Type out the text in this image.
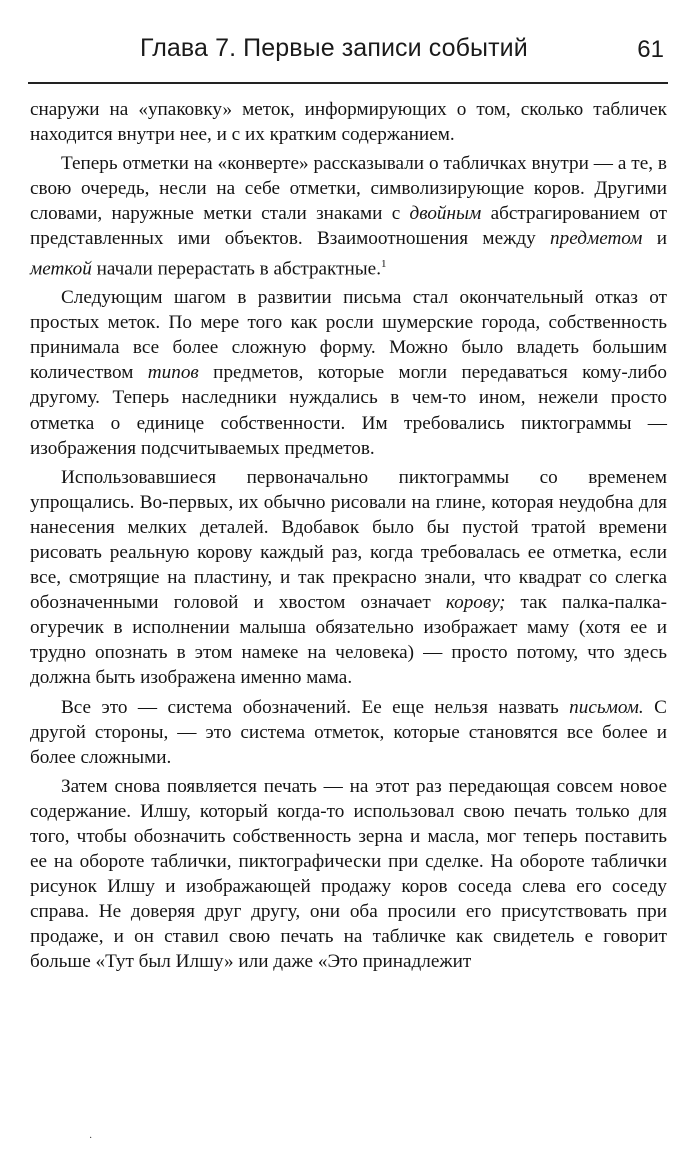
Глава 7. Первые записи событий	61

снаружи на «упаковку» меток, информирующих о том, сколько табличек находится внутри нее, и с их кратким содержанием.

Теперь отметки на «конверте» рассказывали о табличках внутри — а те, в свою очередь, несли на себе отметки, символизирующие коров. Другими словами, наружные метки стали знаками с двойным абстрагированием от представленных ими объектов. Взаимоотношения между предметом и меткой начали перерастать в абстрактные.$^1$

Следующим шагом в развитии письма стал окончательный отказ от простых меток. По мере того как росли шумерские города, собственность принимала все более сложную форму. Можно было владеть большим количеством типов предметов, которые могли передаваться кому-либо другому. Теперь наследники нуждались в чем-то ином, нежели просто отметка о единице собственности. Им требовались пиктограммы — изображения подсчитываемых предметов.

Использовавшиеся первоначально пиктограммы со временем упрощались. Во-первых, их обычно рисовали на глине, которая неудобна для нанесения мелких деталей. Вдобавок было бы пустой тратой времени рисовать реальную корову каждый раз, когда требовалась ее отметка, если все, смотрящие на пластину, и так прекрасно знали, что квадрат со слегка обозначенными головой и хвостом означает корову; так палка-палка-огуречик в исполнении малыша обязательно изображает маму (хотя ее и трудно опознать в этом намеке на человека) — просто потому, что здесь должна быть изображена именно мама.

Все это — система обозначений. Ее еще нельзя назвать письмом. С другой стороны, — это система отметок, которые становятся все более и более сложными.

Затем снова появляется печать — на этот раз передающая совсем новое содержание. Илшу, который когда-то использовал свою печать только для того, чтобы обозначить собственность зерна и масла, мог теперь поставить ее на обороте таблички, пиктографически при сделке. На обороте таблички рисунок Илшу и изображающей продажу коров соседа слева его соседу справа. Не доверяя друг другу, они оба просили его присутствовать при продаже, и он ставил свою печать на табличке как свидетель е говорит больше «Тут был Илшу» или даже «Это принадлежит

·
